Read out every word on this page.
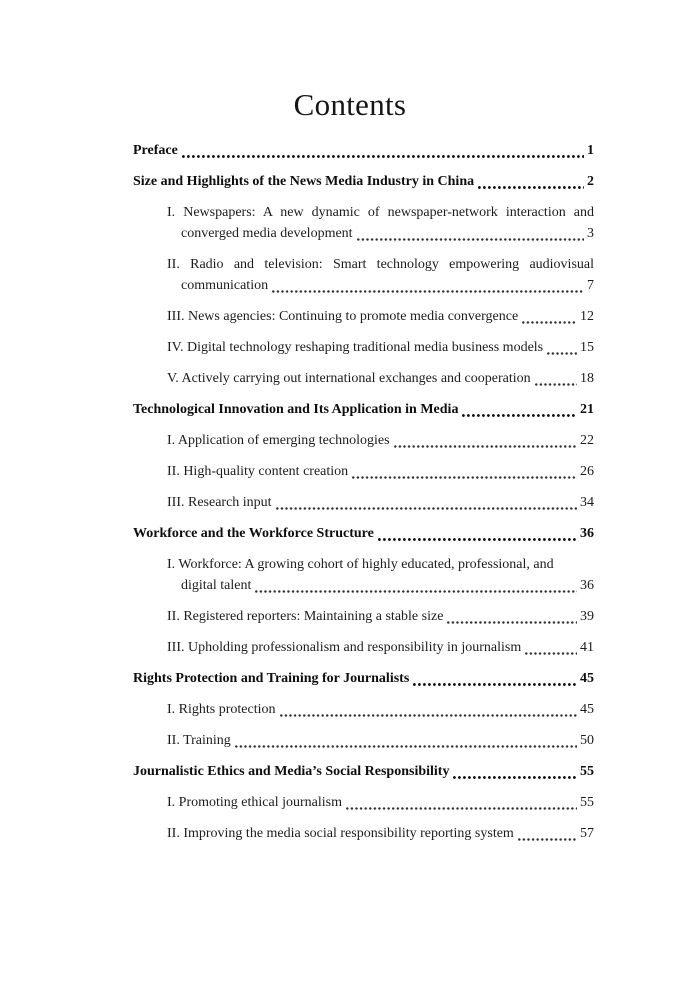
Contents
Preface	1
Size and Highlights of the News Media Industry in China	2
I. Newspapers: A new dynamic of newspaper-network interaction and
converged media development	3
II. Radio and television: Smart technology empowering audiovisual
communication	7
III. News agencies: Continuing to promote media convergence	12
IV. Digital technology reshaping traditional media business models	15
V. Actively carrying out international exchanges and cooperation	18
Technological Innovation and Its Application in Media	21
I. Application of emerging technologies	22
II. High-quality content creation	26
III. Research input	34
Workforce and the Workforce Structure	36
I. Workforce: A growing cohort of highly educated, professional, and
digital talent	36
II. Registered reporters: Maintaining a stable size	39
III. Upholding professionalism and responsibility in journalism	41
Rights Protection and Training for Journalists	45
I. Rights protection	45
II. Training	50
Journalistic Ethics and Media’s Social Responsibility	55
I. Promoting ethical journalism	55
II. Improving the media social responsibility reporting system	57
